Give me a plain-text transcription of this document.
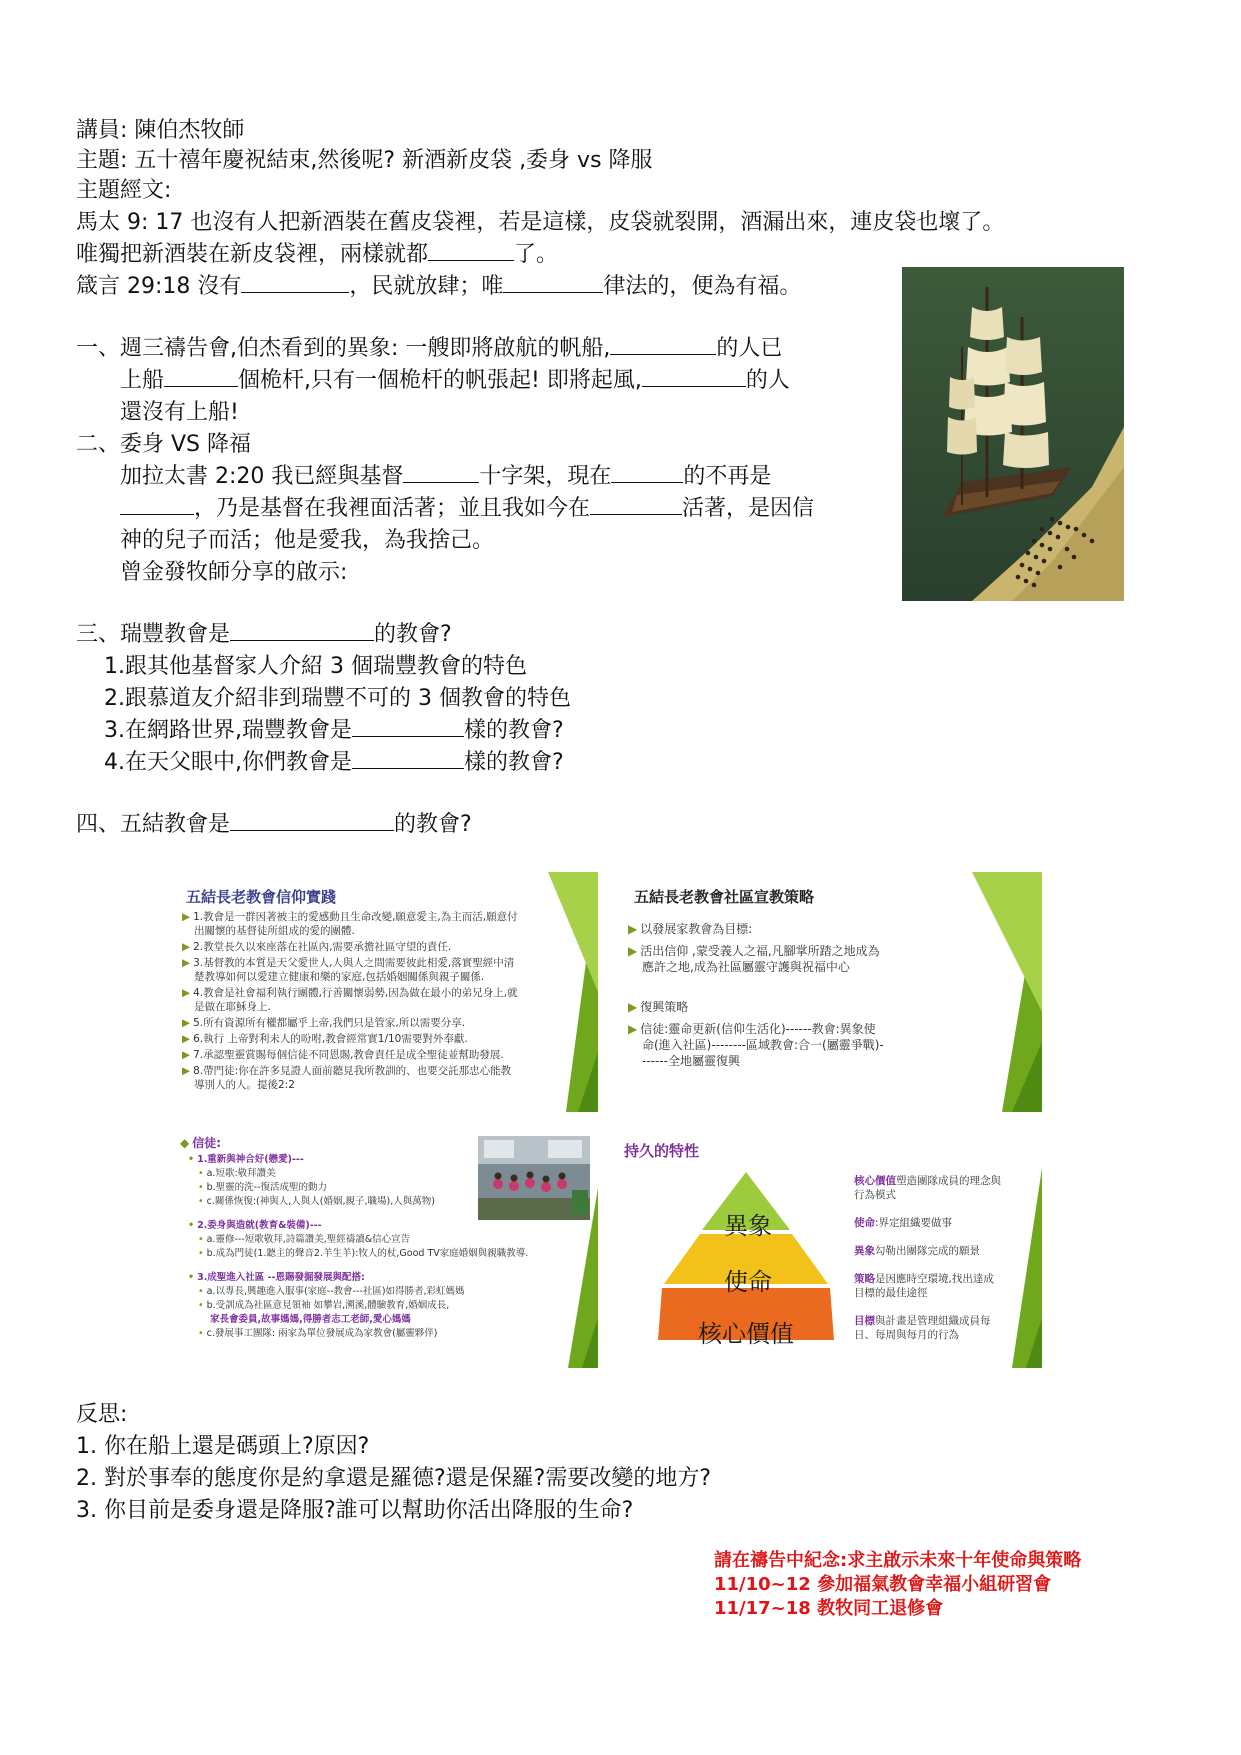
講員: 陳伯杰牧師
主題: 五十禧年慶祝結束,然後呢? 新酒新皮袋 ,委身 vs 降服
主題經文:
馬太 9: 17 也沒有人把新酒裝在舊皮袋裡，若是這樣，皮袋就裂開，酒漏出來，連皮袋也壞了。
唯獨把新酒裝在新皮袋裡，兩樣就都	了。
箴言 29:18 沒有	，民就放肆；唯	律法的，便為有福。
一、週三禱告會,伯杰看到的異象: 一艘即將啟航的帆船,	的人已
上船	個桅杆,只有一個桅杆的帆張起! 即將起風,	的人
還沒有上船!
二、委身 VS 降福
加拉太書 2:20 我已經與基督	十字架，現在	的不再是
，乃是基督在我裡面活著；並且我如今在	活著，是因信
神的兒子而活；他是愛我，為我捨己。
曾金發牧師分享的啟示:
三、瑞豐教會是	的教會?
1.跟其他基督家人介紹 3 個瑞豐教會的特色
2.跟慕道友介紹非到瑞豐不可的 3 個教會的特色
3.在網路世界,瑞豐教會是	樣的教會?
4.在天父眼中,你們教會是	樣的教會?
四、五結教會是	的教會?
五結長老教會信仰實踐
▶ 1.教會是一群因著被主的愛感動且生命改變,願意愛主,為主而活,願意付
出關懷的基督徒所組成的愛的團體.
▶ 2.教堂長久以來座落在社區內,需要承擔社區守望的責任.
▶ 3.基督教的本質是天父愛世人,人與人之間需要彼此相愛,落實聖經中清
楚教導如何以愛建立健康和樂的家庭,包括婚姻關係與親子關係.
▶ 4.教會是社會福利執行團體,行善關懷弱勢,因為做在最小的弟兄身上,就
是做在耶穌身上.
▶ 5.所有資源所有權都屬乎上帝,我們只是管家,所以需要分享.
▶ 6.執行 上帝對利未人的吩咐,教會經常實1/10需要對外奉獻.
▶ 7.承認聖靈賞賜每個信徒不同恩賜,教會責任是成全聖徒並幫助發展.
▶ 8.帶門徒:你在許多見證人面前聽見我所教訓的、也要交託那忠心能教
導別人的人。提後2:2
五結長老教會社區宣教策略
▶ 以發展家教會為目標:
▶ 活出信仰 ,蒙受義人之福,凡腳掌所踏之地成為
應許之地,成為社區屬靈守護與祝福中心
▶ 復興策略
▶ 信徒:靈命更新(信仰生活化)------教會:異象使
命(進入社區)--------區域教會:合一(屬靈爭戰)-
------全地屬靈復興
◆ 信徒:
• 1.重新與神合好(戀愛)---
• a.短歌:敬拜讚美
• b.聖靈的洗--復活成聖的動力
• c.關係恢復:(神與人,人與人(婚姻,親子,職場),人與萬物)
• 2.委身與造就(教育&裝備)---
• a.靈修---短歌敬拜,詩篇讚美,聖經禱讀&信心宣告
• b.成為門徒(1.聽主的聲音2.羊生羊):牧人的杖,Good TV家庭婚姻與親職教導.
• 3.成聖進入社區 --恩賜發掘發展與配搭:
• a.以專長,興趣進入服事(家庭--教會---社區)如得勝者,彩虹媽媽
• b.受訓成為社區意見領袖 如攀岩,溯溪,體驗教育,婚姻成長,
家長會委員,故事媽媽,得勝者志工老師,愛心媽媽
• c.發展事工團隊: 兩家為單位發展成為家教會(屬靈夥伴)
持久的特性
異象
使命
核心價值
核心價值塑造團隊成員的理念與
行為模式
使命:界定組織要做事
異象勾勒出團隊完成的願景
策略是因應時空環境,找出達成
目標的最佳途徑
目標與計畫是管理組織成員每
日、每周與每月的行為
反思:
1. 你在船上還是碼頭上?原因?
2. 對於事奉的態度你是約拿還是羅德?還是保羅?需要改變的地方?
3. 你目前是委身還是降服?誰可以幫助你活出降服的生命?
請在禱告中紀念:求主啟示未來十年使命與策略
11/10~12 參加福氣教會幸福小組研習會
11/17~18 教牧同工退修會
